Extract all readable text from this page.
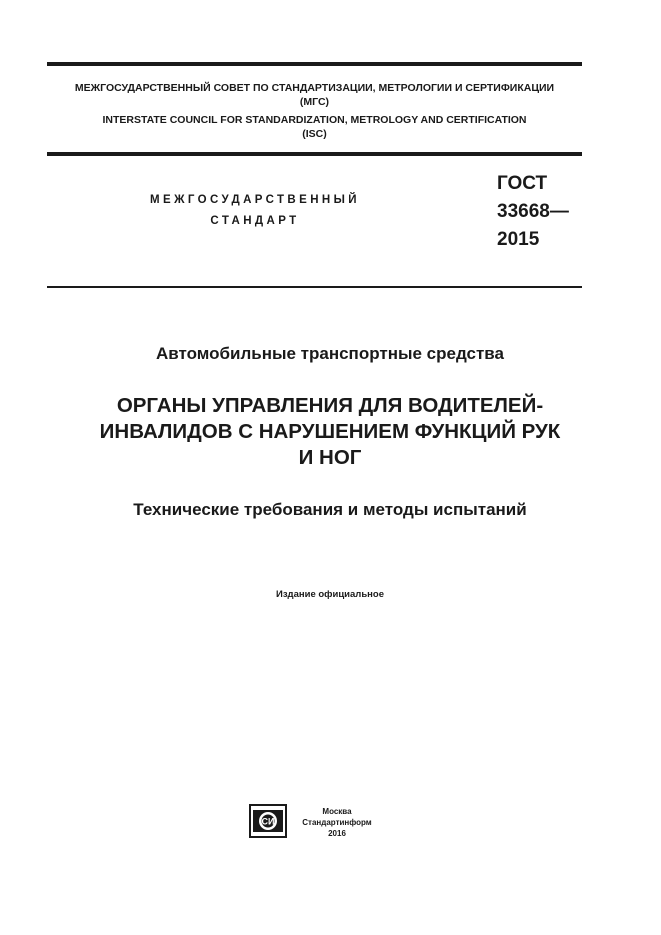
МЕЖГОСУДАРСТВЕННЫЙ СОВЕТ ПО СТАНДАРТИЗАЦИИ, МЕТРОЛОГИИ И СЕРТИФИКАЦИИ
(МГС)
INTERSTATE COUNCIL FOR STANDARDIZATION, METROLOGY AND CERTIFICATION
(ISC)
МЕЖГОСУДАРСТВЕННЫЙ
СТАНДАРТ
ГОСТ
33668—
2015
Автомобильные транспортные средства
ОРГАНЫ УПРАВЛЕНИЯ ДЛЯ ВОДИТЕЛЕЙ-
ИНВАЛИДОВ С НАРУШЕНИЕМ ФУНКЦИЙ РУК
И НОГ
Технические требования и методы испытаний
Издание официальное
СИ
Москва
Стандартинформ
2016
